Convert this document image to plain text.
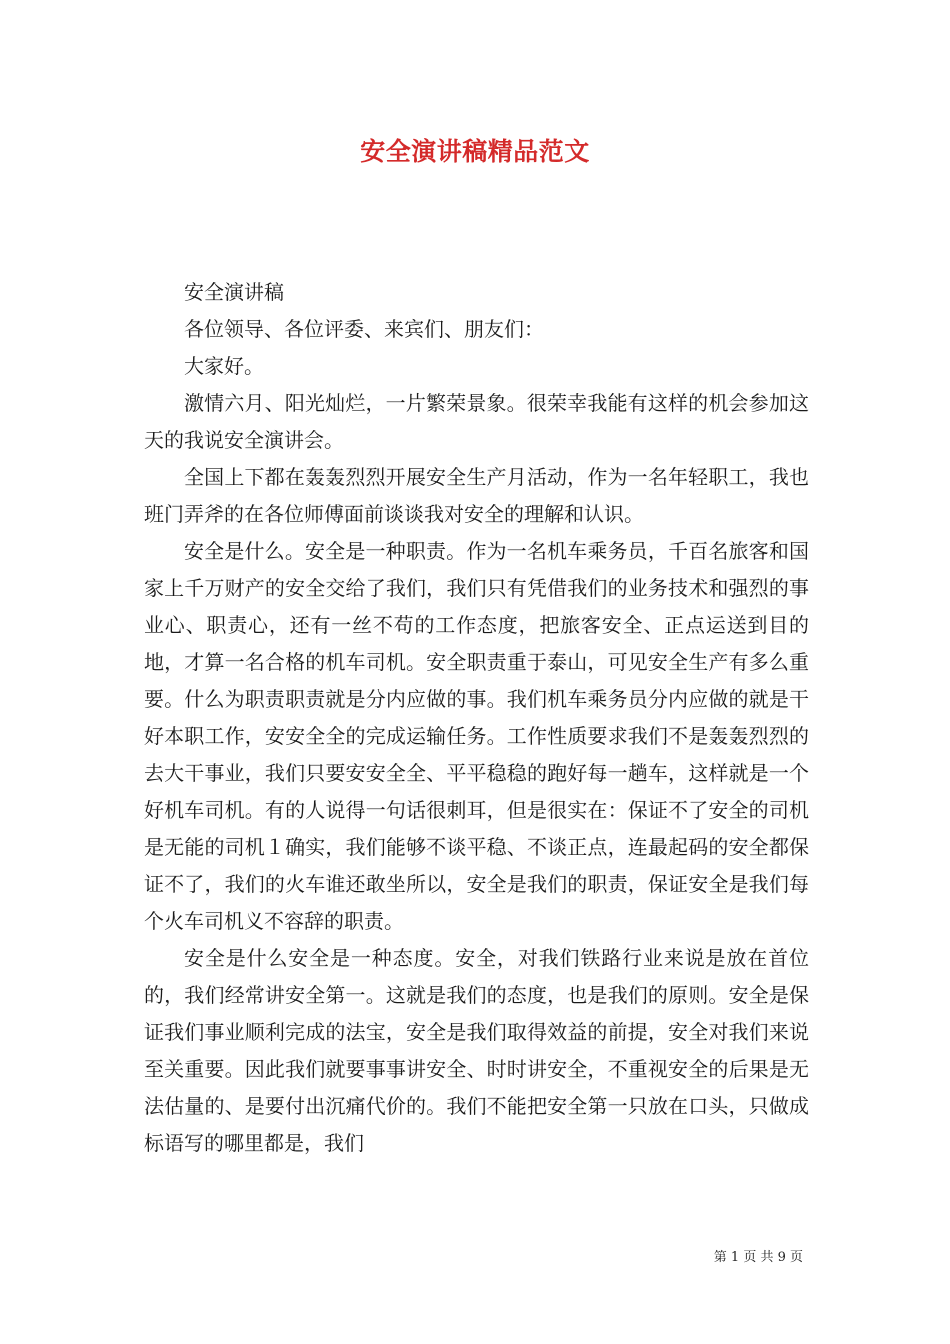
安全演讲稿精品范文

安全演讲稿

各位领导、各位评委、来宾们、朋友们：

大家好。

激情六月、阳光灿烂，一片繁荣景象。很荣幸我能有这样的机会参加这天的我说安全演讲会。

全国上下都在轰轰烈烈开展安全生产月活动，作为一名年轻职工，我也班门弄斧的在各位师傅面前谈谈我对安全的理解和认识。

安全是什么。安全是一种职责。作为一名机车乘务员，千百名旅客和国家上千万财产的安全交给了我们，我们只有凭借我们的业务技术和强烈的事业心、职责心，还有一丝不苟的工作态度，把旅客安全、正点运送到目的地，才算一名合格的机车司机。安全职责重于泰山，可见安全生产有多么重要。什么为职责职责就是分内应做的事。我们机车乘务员分内应做的就是干好本职工作，安安全全的完成运输任务。工作性质要求我们不是轰轰烈烈的去大干事业，我们只要安安全全、平平稳稳的跑好每一趟车，这样就是一个好机车司机。有的人说得一句话很刺耳，但是很实在：保证不了安全的司机是无能的司机１确实，我们能够不谈平稳、不谈正点，连最起码的安全都保证不了，我们的火车谁还敢坐所以，安全是我们的职责，保证安全是我们每个火车司机义不容辞的职责。

安全是什么安全是一种态度。安全，对我们铁路行业来说是放在首位的，我们经常讲安全第一。这就是我们的态度，也是我们的原则。安全是保证我们事业顺利完成的法宝，安全是我们取得效益的前提，安全对我们来说至关重要。因此我们就要事事讲安全、时时讲安全，不重视安全的后果是无法估量的、是要付出沉痛代价的。我们不能把安全第一只放在口头，只做成标语写的哪里都是，我们

第 1 页 共 9 页
